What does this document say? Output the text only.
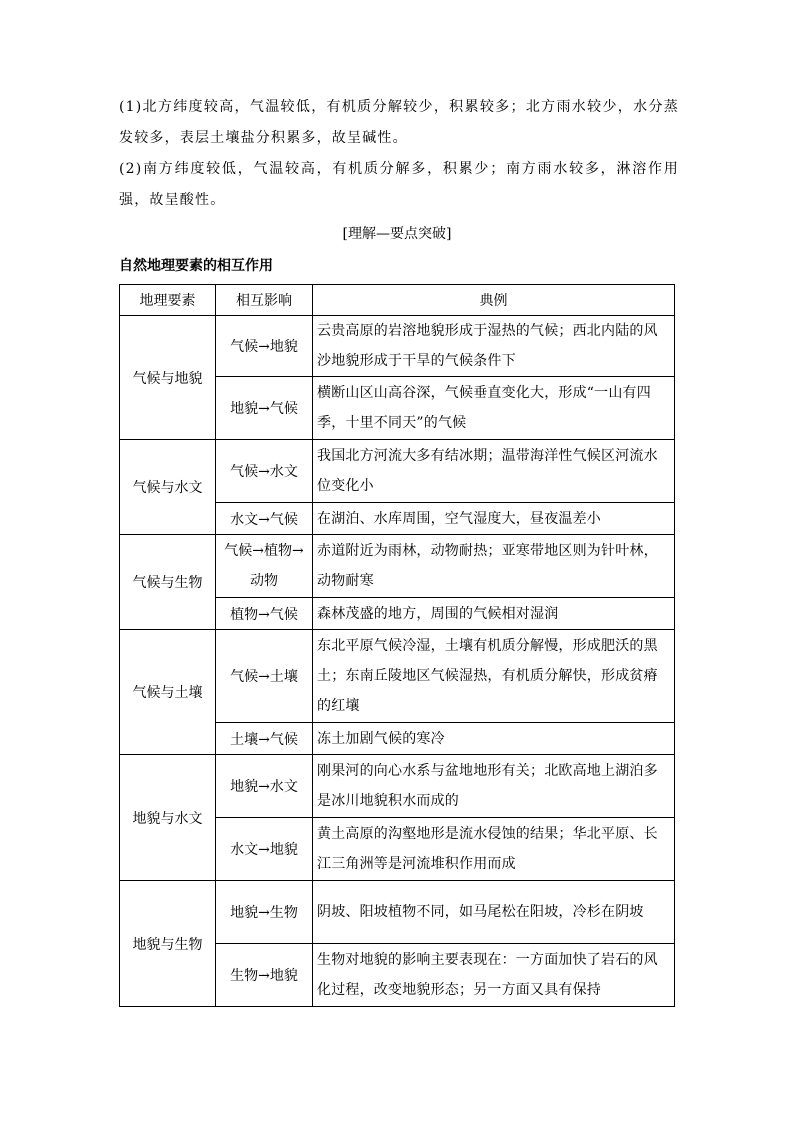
(1)北方纬度较高，气温较低，有机质分解较少，积累较多；北方雨水较少，水分蒸发较多，表层土壤盐分积累多，故呈碱性。
(2)南方纬度较低，气温较高，有机质分解多，积累少；南方雨水较多，淋溶作用强，故呈酸性。
[理解—要点突破]
自然地理要素的相互作用
地理要素	相互影响	典例
气候与地貌	气候→地貌	云贵高原的岩溶地貌形成于湿热的气候；西北内陆的风沙地貌形成于干旱的气候条件下
	地貌→气候	横断山区山高谷深，气候垂直变化大，形成“一山有四季，十里不同天”的气候
气候与水文	气候→水文	我国北方河流大多有结冰期；温带海洋性气候区河流水位变化小
	水文→气候	在湖泊、水库周围，空气湿度大，昼夜温差小
气候与生物	气候→植物→动物	赤道附近为雨林，动物耐热；亚寒带地区则为针叶林，动物耐寒
	植物→气候	森林茂盛的地方，周围的气候相对湿润
气候与土壤	气候→土壤	东北平原气候冷湿，土壤有机质分解慢，形成肥沃的黑土；东南丘陵地区气候湿热，有机质分解快，形成贫瘠的红壤
	土壤→气候	冻土加剧气候的寒冷
地貌与水文	地貌→水文	刚果河的向心水系与盆地地形有关；北欧高地上湖泊多是冰川地貌积水而成的
	水文→地貌	黄土高原的沟壑地形是流水侵蚀的结果；华北平原、长江三角洲等是河流堆积作用而成
地貌与生物	地貌→生物	阴坡、阳坡植物不同，如马尾松在阳坡，冷杉在阴坡
	生物→地貌	生物对地貌的影响主要表现在：一方面加快了岩石的风化过程，改变地貌形态；另一方面又具有保持
